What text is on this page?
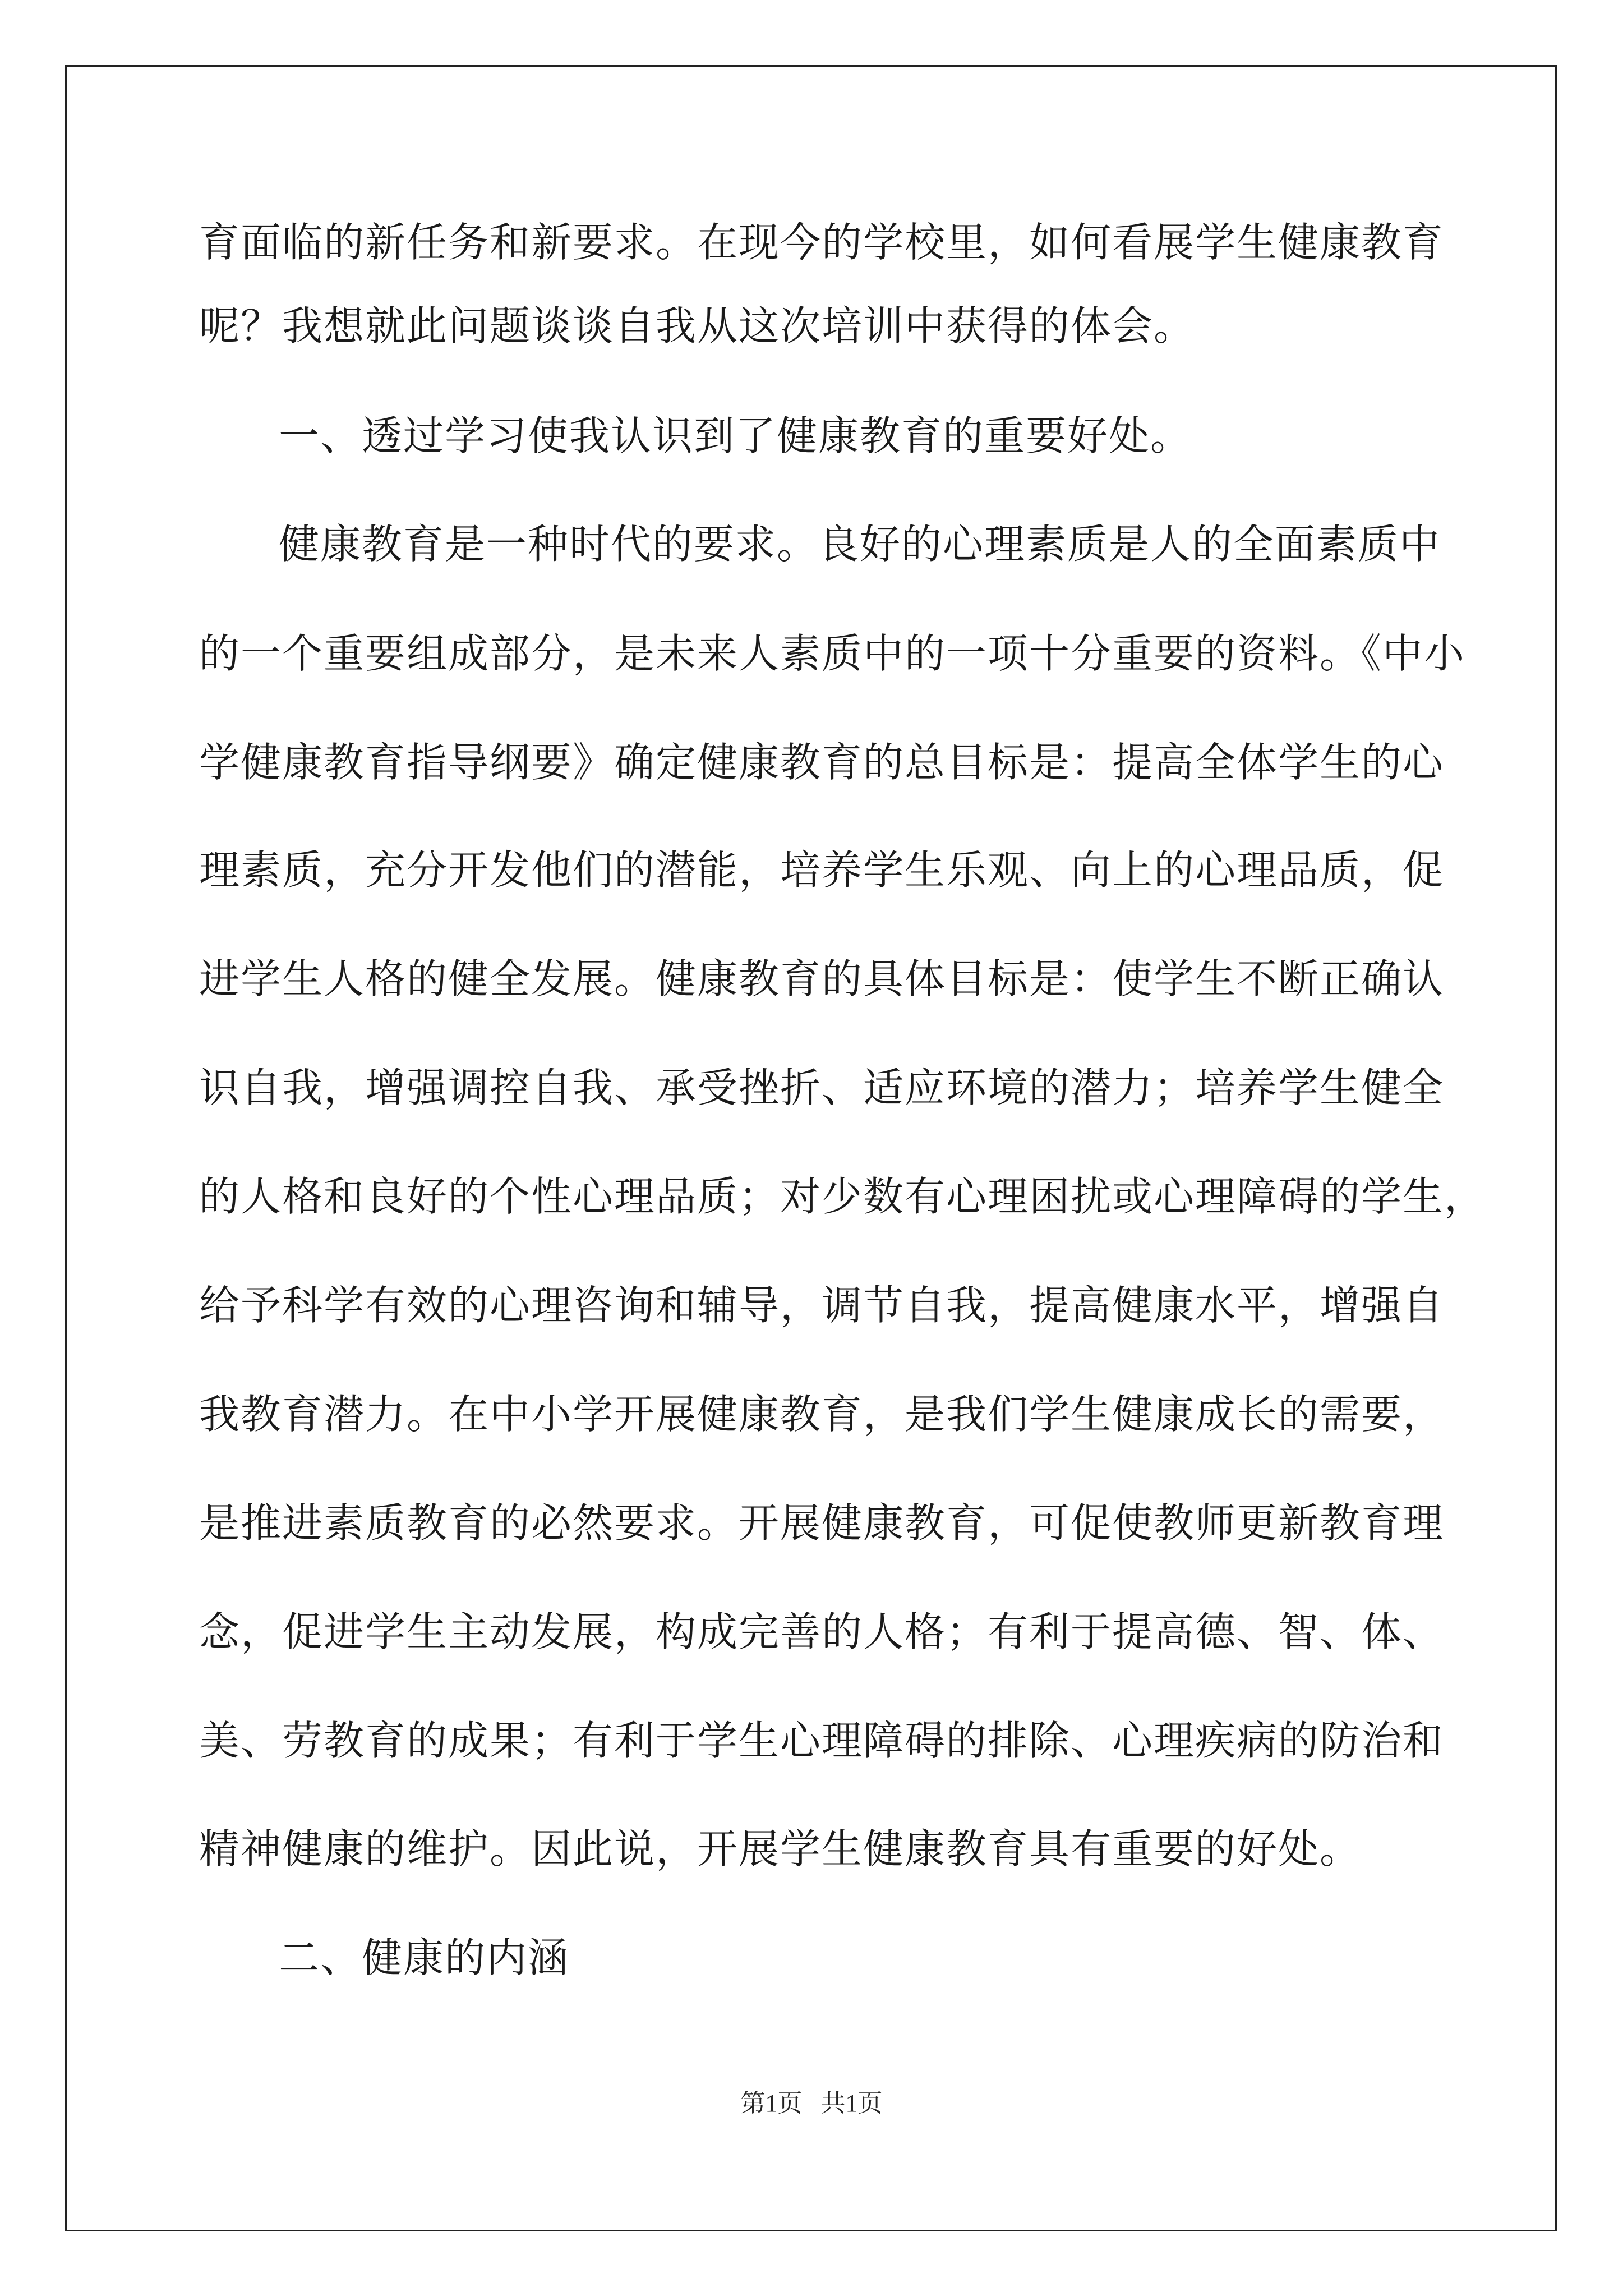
育面临的新任务和新要求。在现今的学校里，如何看展学生健康教育
呢？我想就此问题谈谈自我从这次培训中获得的体会。
一、透过学习使我认识到了健康教育的重要好处。
健康教育是一种时代的要求。良好的心理素质是人的全面素质中
的一个重要组成部分，是未来人素质中的一项十分重要的资料。《中小
学健康教育指导纲要》确定健康教育的总目标是：提高全体学生的心
理素质，充分开发他们的潜能，培养学生乐观、向上的心理品质，促
进学生人格的健全发展。健康教育的具体目标是：使学生不断正确认
识自我，增强调控自我、承受挫折、适应环境的潜力；培养学生健全
的人格和良好的个性心理品质；对少数有心理困扰或心理障碍的学生，
给予科学有效的心理咨询和辅导，调节自我，提高健康水平，增强自
我教育潜力。在中小学开展健康教育，是我们学生健康成长的需要，
是推进素质教育的必然要求。开展健康教育，可促使教师更新教育理
念，促进学生主动发展，构成完善的人格；有利于提高德、智、体、
美、劳教育的成果；有利于学生心理障碍的排除、心理疾病的防治和
精神健康的维护。因此说，开展学生健康教育具有重要的好处。
二、健康的内涵
第1页 共1页
